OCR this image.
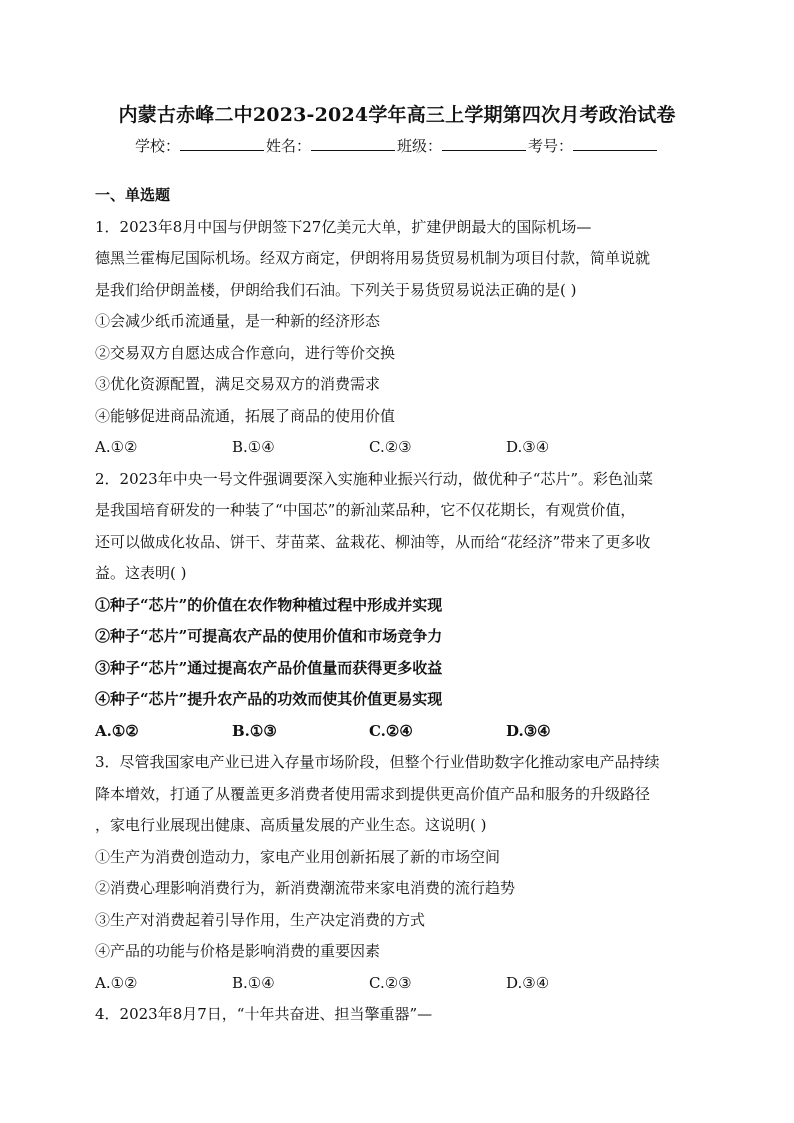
内蒙古赤峰二中2023-2024学年高三上学期第四次月考政治试卷
学校：	姓名：	班级：	考号：
一、单选题
1．2023年8月中国与伊朗签下27亿美元大单，扩建伊朗最大的国际机场—
德黑兰霍梅尼国际机场。经双方商定，伊朗将用易货贸易机制为项目付款，简单说就
是我们给伊朗盖楼，伊朗给我们石油。下列关于易货贸易说法正确的是( )
①会减少纸币流通量，是一种新的经济形态
②交易双方自愿达成合作意向，进行等价交换
③优化资源配置，满足交易双方的消费需求
④能够促进商品流通，拓展了商品的使用价值
A.①②	B.①④	C.②③	D.③④
2．2023年中央一号文件强调要深入实施种业振兴行动，做优种子“芯片”。彩色汕菜
是我国培育研发的一种装了“中国芯”的新汕菜品种，它不仅花期长，有观赏价值，
还可以做成化妆品、饼干、芽苗菜、盆栽花、柳油等，从而给“花经济”带来了更多收
益。这表明( )
①种子“芯片”的价值在农作物种植过程中形成并实现
②种子“芯片”可提高农产品的使用价值和市场竞争力
③种子“芯片”通过提高农产品价值量而获得更多收益
④种子“芯片”提升农产品的功效而使其价值更易实现
A.①②	B.①③	C.②④	D.③④
3．尽管我国家电产业已进入存量市场阶段，但整个行业借助数字化推动家电产品持续
降本增效，打通了从覆盖更多消费者使用需求到提供更高价值产品和服务的升级路径
，家电行业展现出健康、高质量发展的产业生态。这说明( )
①生产为消费创造动力，家电产业用创新拓展了新的市场空间
②消费心理影响消费行为，新消费潮流带来家电消费的流行趋势
③生产对消费起着引导作用，生产决定消费的方式
④产品的功能与价格是影响消费的重要因素
A.①②	B.①④	C.②③	D.③④
4．2023年8月7日，“十年共奋进、担当擎重器”—
